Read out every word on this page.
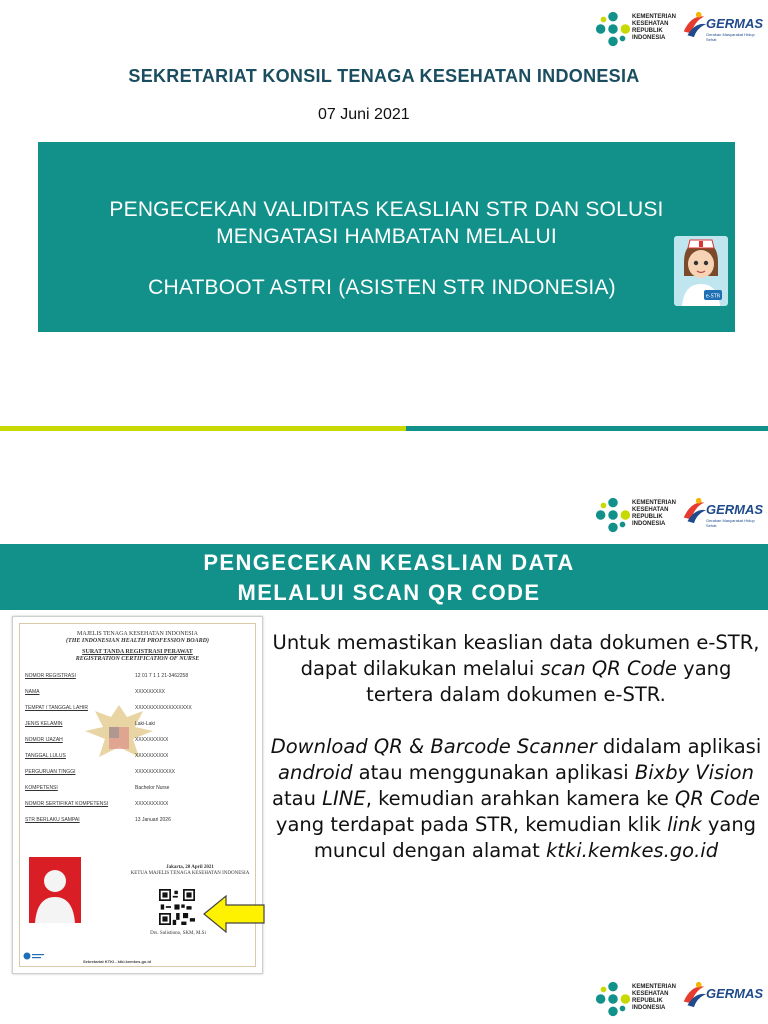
KEMENTERIAN
KESEHATAN
REPUBLIK
INDONESIA
GERMAS
Gerakan Masyarakat Hidup Sehat
SEKRETARIAT KONSIL TENAGA KESEHATAN INDONESIA
07 Juni 2021
PENGECEKAN VALIDITAS KEASLIAN STR DAN SOLUSI
MENGATASI HAMBATAN MELALUI
CHATBOOT ASTRI (ASISTEN STR INDONESIA)	e-STR
KEMENTERIAN
KESEHATAN
REPUBLIK
INDONESIA
GERMAS
Gerakan Masyarakat Hidup Sehat
PENGECEKAN KEASLIAN DATA
MELALUI SCAN QR CODE
MAJELIS TENAGA KESEHATAN INDONESIA
(THE INDONESIAN HEALTH PROFESSION BOARD)
SURAT TANDA REGISTRASI PERAWAT
REGISTRATION CERTIFICATION OF NURSE
NOMOR REGISTRASI	12 01 7 1 1 21-3462258
NAMA	XXXXXXXXX
TEMPAT / TANGGAL LAHIR	XXXXXXXXXXXXXXXXX
JENIS KELAMIN	Laki-Laki
NOMOR IJAZAH	XXXXXXXXXX
TANGGAL LULUS	XXXXXXXXXX
PERGURUAN TINGGI	XXXXXXXXXXXX
KOMPETENSI	Bachelor Nurse
NOMOR SERTIFIKAT KOMPETENSI	XXXXXXXXXX
STR BERLAKU SAMPAI	13 Januari 2026
Jakarta, 20 April 2021
KETUA MAJELIS TENAGA KESEHATAN INDONESIA
Drs. Sulistiono, SKM, M.Si
Sekretariat KTKI - ktki.kemkes.go.id
Untuk memastikan keaslian data dokumen e-STR, dapat dilakukan melalui scan QR Code yang tertera dalam dokumen e-STR.
Download QR & Barcode Scanner didalam aplikasi android atau menggunakan aplikasi Bixby Vision atau LINE, kemudian arahkan kamera ke QR Code yang terdapat pada STR, kemudian klik link yang muncul dengan alamat ktki.kemkes.go.id
KEMENTERIAN
KESEHATAN
REPUBLIK
INDONESIA
GERMAS
